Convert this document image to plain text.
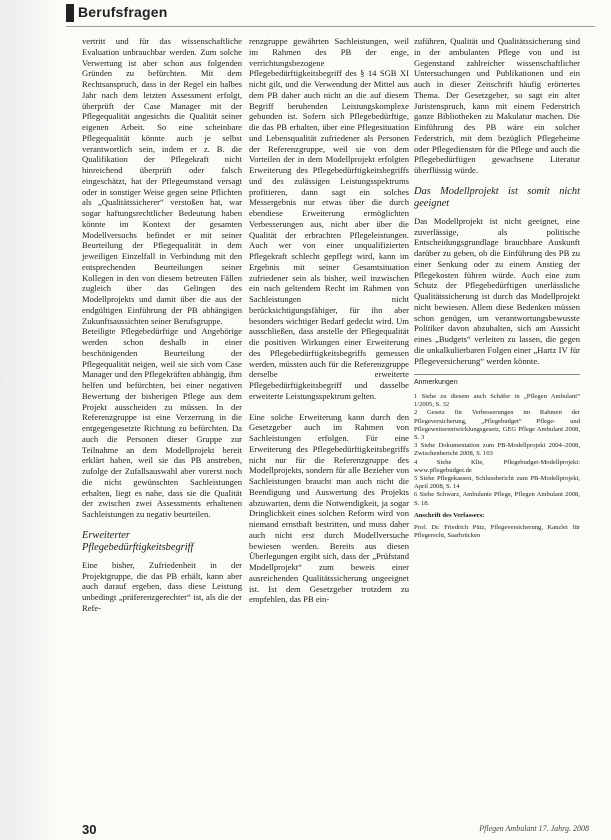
Berufsfragen

vertritt und für das wissenschaftliche Evaluation unbrauchbar werden. Zum solche Verwertung ist aber schon aus folgenden Gründen zu befürchten. Mit dem Rechtsanspruch, dass in der Regel ein halbes Jahr nach dem letzten Assessment erfolgt, überprüft der Case Manager mit der Pflegequalität angesichts die Qualität seiner eigenen Arbeit. So eine scheinbare Pflegequalität könnte auch je selbst verantwortlich sein, indem er z. B. die Qualifikation der Pflegekraft nicht hinreichend überprüft oder falsch eingeschätzt, hat der Pflegeumstand versagt oder in sonstiger Weise gegen seine Pflichten als „Qualitätssicherer“ verstoßen hat, war sogar haftungsrechtlicher Bedeutung haben könnte im Kontext der gesamten Modellversuchs befindet er mit seiner Beurteilung der Pflegequalität in dem jeweiligen Einzelfall in Verbindung mit den entsprechenden Beurteilungen seiner Kollegen in den von diesem betreuten Fällen zugleich über das Gelingen des Modellprojekts und damit über die aus der endgültigen Einführung der PB abhängigen Zukunftsaussichten seiner Berufsgruppe.

Beteiligte Pflegebedürftige und Angehörige werden schon deshalb in einer beschönigenden Beurteilung der Pflegequalität neigen, weil sie sich vom Case Manager und den Pflegekräften abhängig, ihm helfen und befürchten, bei einer negativen Bewertung der bisherigen Pflege aus dem Projekt ausscheiden zu müssen. In der Referenzgruppe ist eine Verzerrung in die entgegengesetzte Richtung zu befürchten. Da auch die Personen dieser Gruppe zur Teilnahme an dem Modellprojekt bereit erklärt haben, weil sie das PB anstreben, zufolge der Zufallsauswahl aber vorerst noch die nicht gewünschten Sachleistungen erhalten, liegt es nahe, dass sie die Qualität der zwischen zwei Assessments erhaltenen Sachleistungen zu negativ beurteilen.

Erweiterter Pflegebedürftigkeitsbegriff

Eine bisher, Zufriedenheit in der Projektgruppe, die das PB erhält, kann aber auch darauf ergeben, dass diese Leistung unbedingt „präferenzgerechter“ ist, als die der Refe-

renzgruppe gewährten Sachleistungen, weil im Rahmen des PB der enge, verrichtungsbezogene Pflegebedürftigkeitsbegriff des § 14 SGB XI nicht gilt, und die Verwendung der Mittel aus dem PB daher auch nicht an die auf diesem Begriff beruhenden Leistungskomplexe gebunden ist. Sofern sich Pflegebedürftige, die das PB erhalten, über eine Pflegesituation und Lebensqualität zufriedener als Personen der Referenzgruppe, weil sie von dem Vorteilen der in dem Modellprojekt erfolgten Erweiterung des Pflegebedürftigkeitsbegriffs und des zulässigen Leistungsspektrums profitieren, dann sagt ein solches Messergebnis nur etwas über die durch ebendiese Erweiterung ermöglichten Verbesserungen aus, nicht aber über die Qualität der erbrachten Pflegeleistungen. Auch wer von einer unqualifizierten Pflegekraft schlecht gepflegt wird, kann im Ergebnis mit seiner Gesamtsituation zufriedener sein als bisher, weil inzwischen ein nach geltendem Recht im Rahmen von Sachleistungen nicht berücksichtigungsfähiger, für ihn aber besonders wichtiger Bedarf gedeckt wird. Um ausschließen, dass anstelle der Pflegequalität die positiven Wirkungen einer Erweiterung des Pflegebedürftigkeitsbegriffs gemessen werden, müssten auch für die Referenzgruppe derselbe erweiterte Pflegebedürftigkeitsbegriff und dasselbe erweiterte Leistungsspektrum gelten.

Eine solche Erweiterung kann durch den Gesetzgeber auch im Rahmen von Sachleistungen erfolgen. Für eine Erweiterung des Pflegebedürftigkeitsbegriffs nicht nur für die Referenzgruppe des Modellprojekts, sondern für alle Bezieher von Sachleistungen braucht man auch nicht die Beendigung und Auswertung des Projekts abzuwarten, denn die Notwendigkeit, ja sogar Dringlichkeit eines solchen Reform wird von niemand ernsthaft bestritten, und muss daher auch nicht erst durch Modellversuche bewiesen werden. Bereits aus diesen Überlegungen ergibt sich, dass der „Prüfstand Modellprojekt“ zum beweis einer ausreichenden Qualitätssicherung ungeeignet ist. Ist dem Gesetzgeber trotzdem zu empfehlen, das PB ein-

zuführen, Qualität und Qualitätssicherung sind in der ambulanten Pflege von und ist Gegenstand zahlreicher wissenschaftlicher Untersuchungen und Publikationen und ein auch in dieser Zeitschrift häufig erörtertes Thema. Der Gesetzgeber, so sagt ein alter Juristenspruch, kann mit einem Federstrich ganze Bibliotheken zu Makulatur machen. Die Einführung des PB wäre ein solcher Federstrich, mit dem bezüglich Pflegeheime oder Pflegediensten für die Pflege und auch die Pflegebedürftigen gewachsene Literatur überflüssig würde.

Das Modellprojekt ist somit nicht geeignet

Das Modellprojekt ist nicht geeignet, eine zuverlässige, als politische Entscheidungsgrundlage brauchbare Auskunft darüber zu geben, ob die Einführung des PB zu einer Senkung oder zu einem Anstieg der Pflegekosten führen würde. Auch eine zum Schutz der Pflegebedürftigen unerlässliche Qualitätssicherung ist durch das Modellprojekt nicht bewiesen. Allem diese Bedenken müssen schon genügen, um verantwortungsbewusste Politiker davon abzuhalten, sich am Aussicht eines „Budgets“ verleiten zu lassen, die gegen die unkalkulierbaren Folgen einer „Hartz IV für Pflegeversicherung“ werden könnte.

Anmerkungen

1 Siehe zu diesem auch Schäfer in „Pflegen Ambulant“ 1/2005, S. 32

2 Gesetz für Verbesserungen im Rahmen der Pflegeversicherung, „Pflegebudget“ Pflege- und Pflegeweiterentwicklungsgesetz, GEG Pflege Ambulant 2008, S. 3

3 Siehe Dokumentation zum PB-Modellprojekt 2004–2008, Zwischenbericht 2008, S. 103

4 Siehe Klie, Pflegebudget-Modellprojekt: www.pflegebudget.de

5 Siehe Pflegekassen, Schlussbericht zum PB-Modellprojekt, April 2008, S. 14

6 Siehe Schwarz, Ambulante Pflege, Pflegen Ambulant 2008, S. 18.

Anschrift des Verfassers:
Prof. Dr. Friedrich Pütz, Pflegeversicherung, Kanzlei für Pflegerecht, Saarbrücken
30	Pflegen Ambulant 17. Jahrg. 2008
